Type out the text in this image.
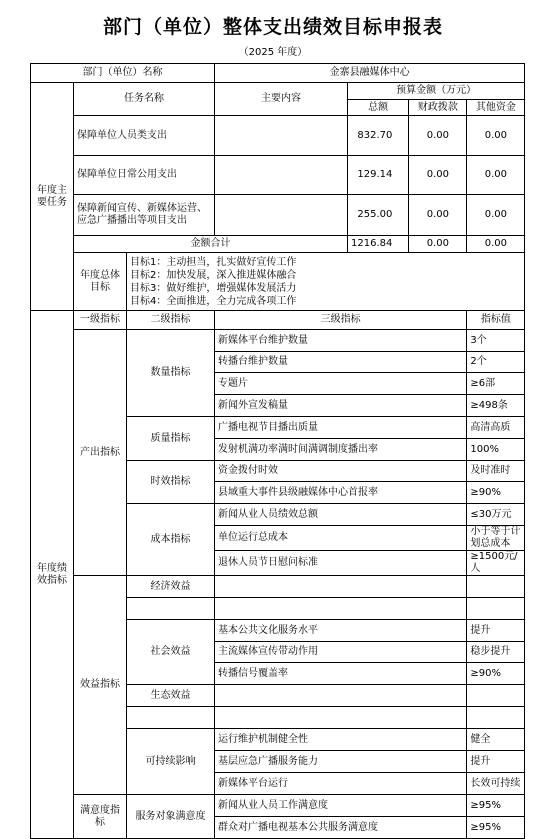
部门（单位）整体支出绩效目标申报表
（2025 年度）
部门（单位）名称			金寨县融媒体中心			
年度主要任务	任务名称		主要内容	预算金额（万元）		
				总额	财政拨款	其他资金
	保障单位人员类支出			832.70	0.00	0.00
	保障单位日常公用支出			129.14	0.00	0.00
	保障新闻宣传、新媒体运营、应急广播播出等项目支出			255.00	0.00	0.00
	金额合计			1216.84	0.00	0.00
	年度总体目标	目标1：主动担当，扎实做好宣传工作
目标2：加快发展，深入推进媒体融合
目标3：做好维护，增强媒体发展活力
目标4：全面推进，全力完成各项工作				

年度绩效指标	一级指标	二级指标	三级指标			指标值
	产出指标	数量指标	新媒体平台维护数量			3个
			转播台维护数量			2个
			专题片			≥6部
			新闻外宣发稿量			≥498条
		质量指标	广播电视节目播出质量			高清高质
			发射机满功率满时间满调制度播出率			100%
		时效指标	资金拨付时效			及时准时
			县域重大事件县级融媒体中心首报率			≥90%
		成本指标	新闻从业人员绩效总额			≤30万元
			单位运行总成本			小于等于计划总成本
			退休人员节日慰问标准			≥1500元/人
	效益指标	经济效益				

		社会效益	基本公共文化服务水平			提升
			主流媒体宣传带动作用			稳步提升
			转播信号覆盖率			≥90%
		生态效益				

		可持续影响	运行维护机制健全性			健全
			基层应急广播服务能力			提升
			新媒体平台运行			长效可持续
	满意度指标	服务对象满意度	新闻从业人员工作满意度			≥95%
			群众对广播电视基本公共服务满意度			≥95%
